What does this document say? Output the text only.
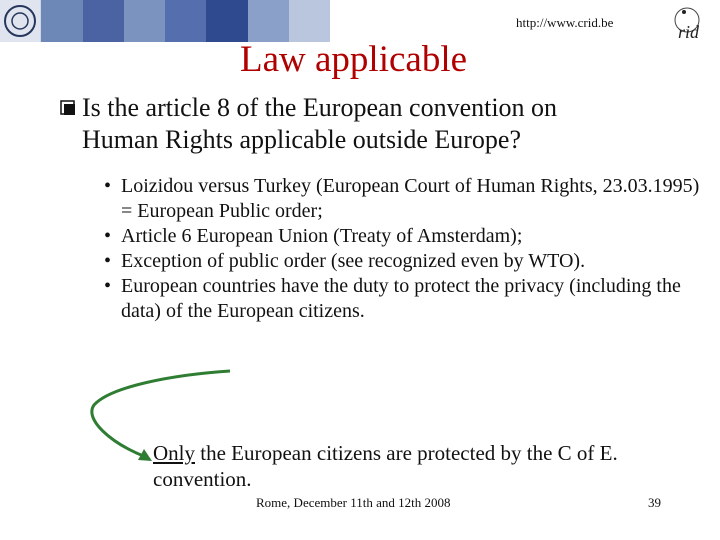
http://www.crid.be	rid
Law applicable
Is the article 8 of the European convention on
Human Rights applicable outside Europe?
• Loizidou versus Turkey (European Court of Human Rights, 23.03.1995) = European Public order;
• Article 6 European Union (Treaty of Amsterdam);
• Exception of public order (see recognized even by WTO).
• European countries have the duty to protect the privacy (including the data) of the European citizens.
Only the European citizens are protected by the C of E. convention.
Rome, December 11th and 12th 2008	39
